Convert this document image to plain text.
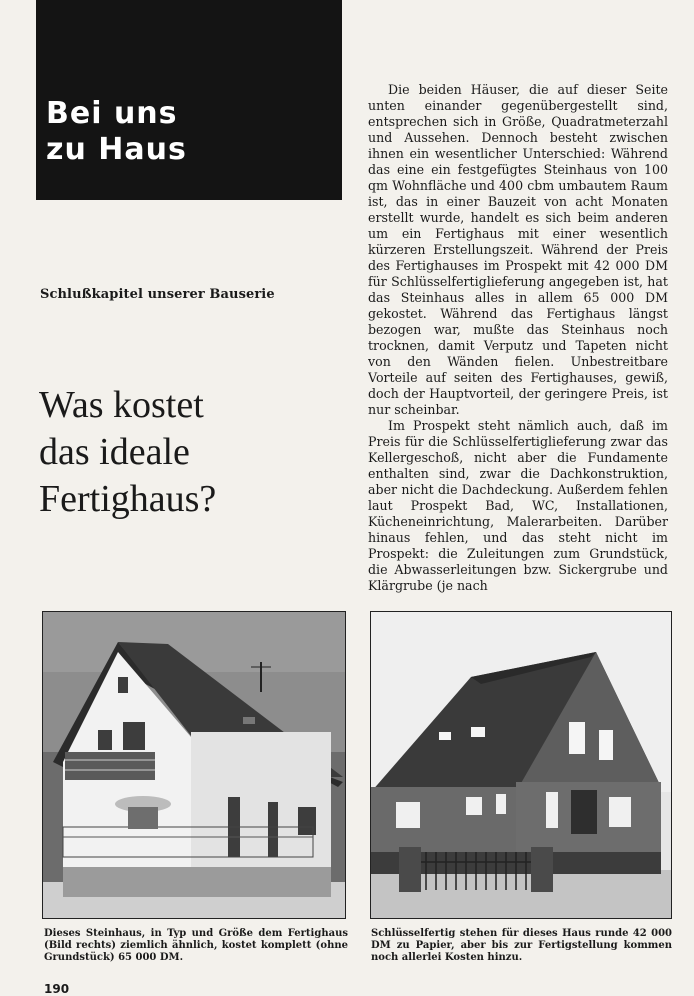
Bei uns
zu Haus
Schlußkapitel unserer Bauserie
Was kostet
das ideale
Fertighaus?

Die beiden Häuser, die auf dieser Seite unten einander gegenübergestellt sind, entsprechen sich in Größe, Quadratmeterzahl und Aussehen. Dennoch besteht zwischen ihnen ein wesentlicher Unterschied: Während das eine ein festgefügtes Steinhaus von 100 qm Wohnfläche und 400 cbm umbautem Raum ist, das in einer Bauzeit von acht Monaten erstellt wurde, handelt es sich beim anderen um ein Fertighaus mit einer wesentlich kürzeren Erstellungszeit. Während der Preis des Fertighauses im Prospekt mit 42 000 DM für Schlüsselfertiglieferung angegeben ist, hat das Steinhaus alles in allem 65 000 DM gekostet. Während das Fertighaus längst bezogen war, mußte das Steinhaus noch trocknen, damit Verputz und Tapeten nicht von den Wänden fielen. Unbestreitbare Vorteile auf seiten des Fertighauses, gewiß, doch der Hauptvorteil, der geringere Preis, ist nur scheinbar.

Im Prospekt steht nämlich auch, daß im Preis für die Schlüsselfertiglieferung zwar das Kellergeschoß, nicht aber die Fundamente enthalten sind, zwar die Dachkonstruktion, aber nicht die Dachdeckung. Außerdem fehlen laut Prospekt Bad, WC, Installationen, Kücheneinrichtung, Malerarbeiten. Darüber hinaus fehlen, und das steht nicht im Prospekt: die Zuleitungen zum Grundstück, die Abwasserleitungen bzw. Sickergrube und Klärgrube (je nach

Dieses Steinhaus, in Typ und Größe dem Fertighaus (Bild rechts) ziemlich ähnlich, kostet komplett (ohne Grundstück) 65 000 DM.
Schlüsselfertig stehen für dieses Haus runde 42 000 DM zu Papier, aber bis zur Fertigstellung kommen noch allerlei Kosten hinzu.
190
